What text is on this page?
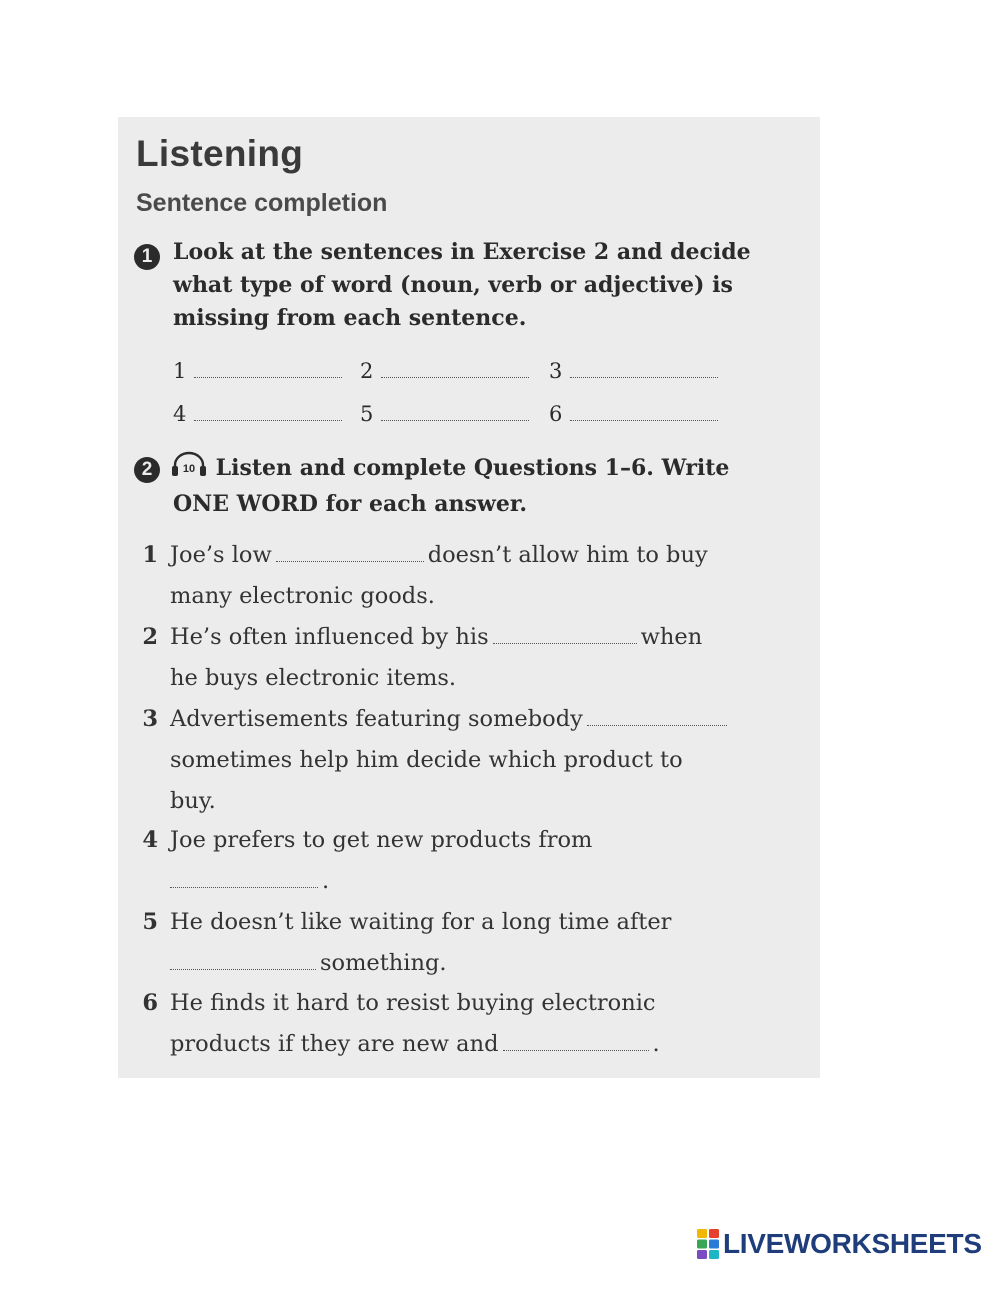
Listening
Sentence completion
1 Look at the sentences in Exercise 2 and decide
what type of word (noun, verb or adjective) is
missing from each sentence.
1	2	3
4	5	6
2	10 Listen and complete Questions 1–6. Write
ONE WORD for each answer.
1 Joe’s low	doesn’t allow him to buy
many electronic goods.
2 He’s often influenced by his	when
he buys electronic items.
3 Advertisements featuring somebody
sometimes help him decide which product to
buy.
4 Joe prefers to get new products from
.
5 He doesn’t like waiting for a long time after
something.
6 He finds it hard to resist buying electronic
products if they are new and	.
LIVEWORKSHEETS
